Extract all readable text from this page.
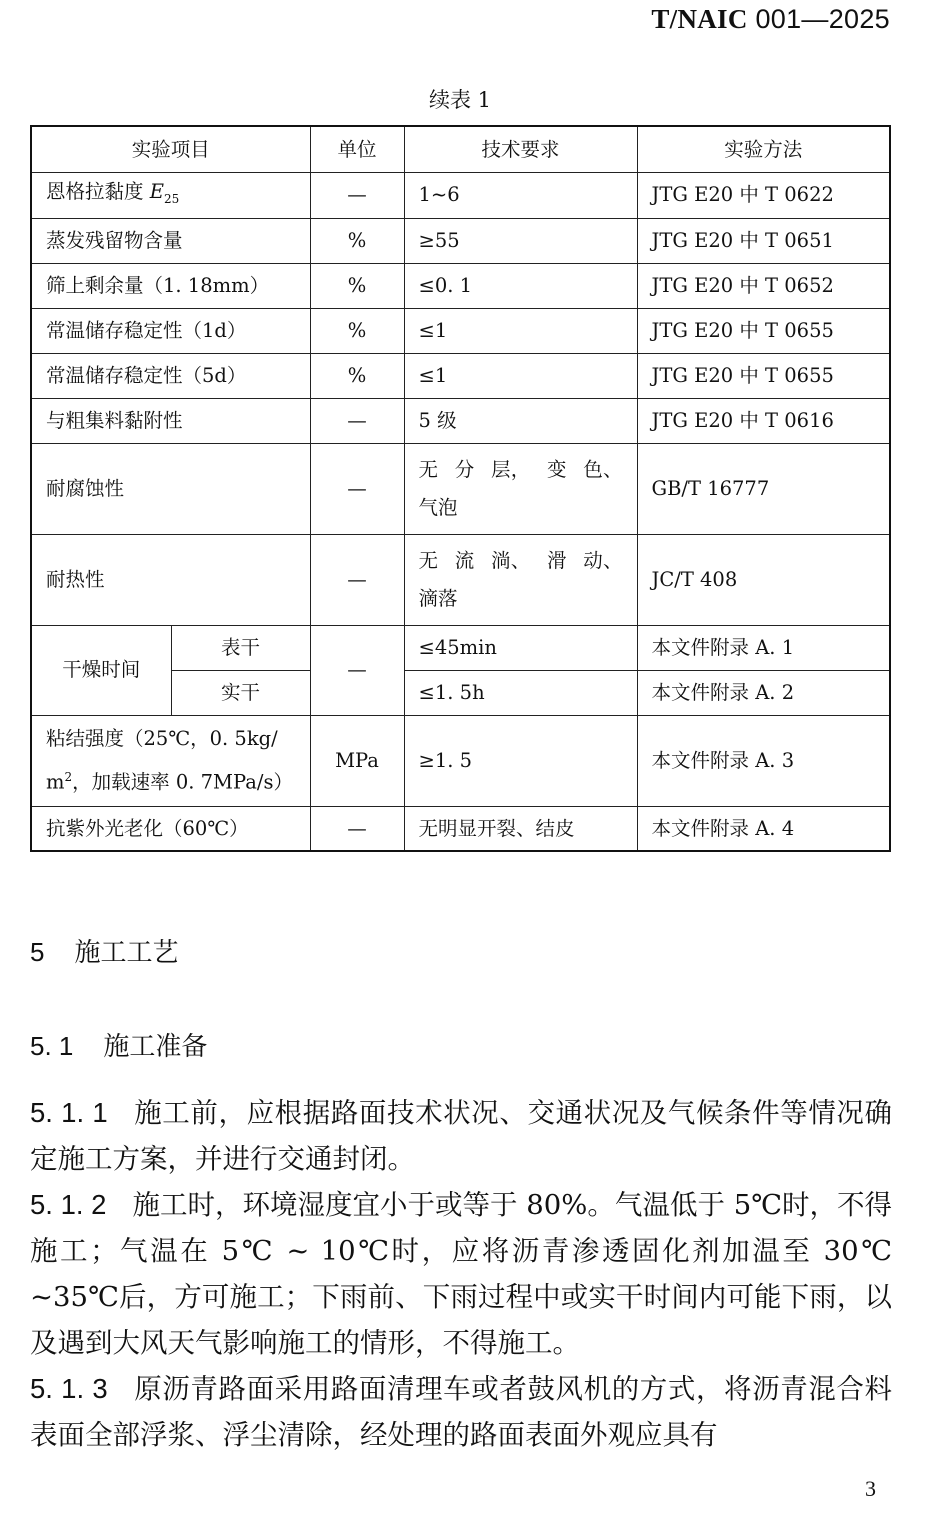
T/NAIC 001—2025
续表 1
实验项目		单位	技术要求	实验方法
恩格拉黏度 $E_{25}$		—	1~6	JTG E20 中 T 0622
蒸发残留物含量		%	≥55	JTG E20 中 T 0651
筛上剩余量（1. 18mm）		%	≤0. 1	JTG E20 中 T 0652
常温储存稳定性（1d）		%	≤1	JTG E20 中 T 0655
常温储存稳定性（5d）		%	≤1	JTG E20 中 T 0655
与粗集料黏附性		—	5 级	JTG E20 中 T 0616
耐腐蚀性		—	无 分 层， 变 色、气泡	GB/T 16777
耐热性		—	无 流 淌、 滑 动、滴落	JC/T 408
干燥时间	表干	—	≤45min	本文件附录 A. 1
	实干		≤1. 5h	本文件附录 A. 2
粘结强度（25℃，0. 5kg/
$m^2$，加载速率 0. 7MPa/s）		MPa	≥1. 5	本文件附录 A. 3
抗紫外光老化（60℃）		—	无明显开裂、结皮	本文件附录 A. 4
5 施工工艺
5. 1 施工准备

5. 1. 1 施工前，应根据路面技术状况、交通状况及气候条件等情况确定施工方案，并进行交通封闭。

5. 1. 2 施工时，环境湿度宜小于或等于 80%。气温低于 5℃时，不得施工；气温在 5℃ ~ 10℃时，应将沥青渗透固化剂加温至 30℃ ~35℃后，方可施工；下雨前、下雨过程中或实干时间内可能下雨，以及遇到大风天气影响施工的情形，不得施工。

5. 1. 3 原沥青路面采用路面清理车或者鼓风机的方式，将沥青混合料表面全部浮浆、浮尘清除，经处理的路面表面外观应具有

3
